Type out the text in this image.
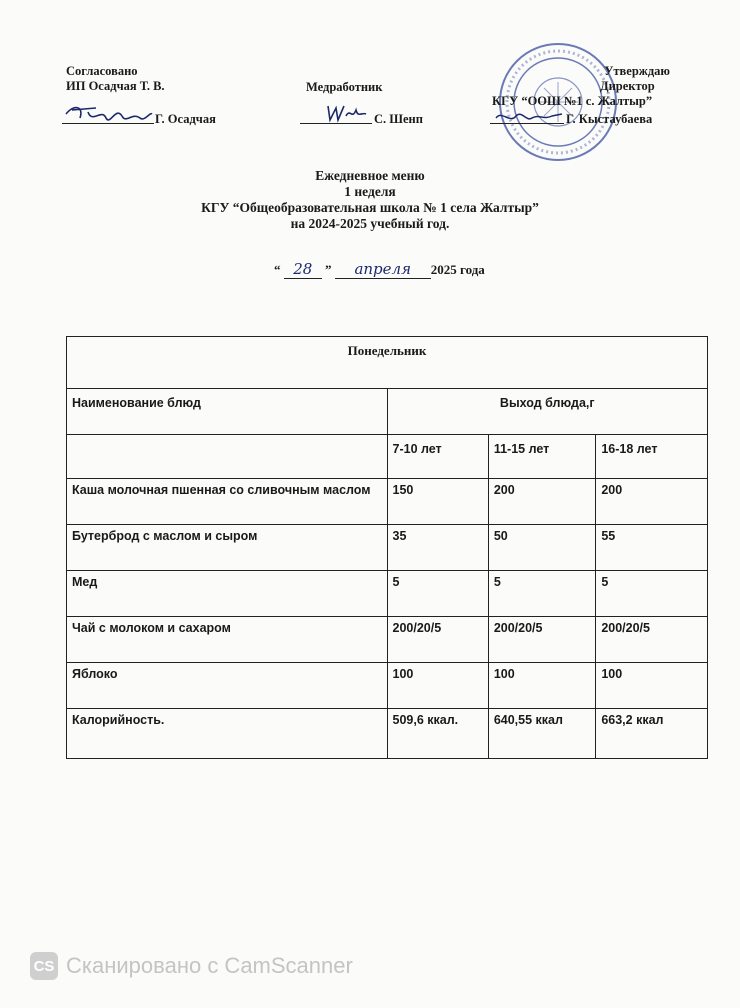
Согласовано
ИП Осадчая Т. В.
Г. Осадчая
Медработник
С. Шенп
Утверждаю
Директор
КГУ “ООШ №1 с. Жалтыр”
Г. Кыстаубаева
Ежедневное меню
1 неделя
КГУ “Общеобразовательная школа № 1 села Жалтыр”
на 2024-2025 учебный год.
“ 28 ” апреля 2025 года
Понедельник			
Наименование блюд	Выход блюда,г		
	7-10 лет	11-15 лет	16-18 лет
Каша молочная пшенная со сливочным маслом	150	200	200
Бутерброд с маслом и сыром	35	50	55
Мед	5	5	5
Чай с молоком и сахаром	200/20/5	200/20/5	200/20/5
Яблоко	100	100	100
Калорийность.	509,6 ккал.	640,55 ккал	663,2 ккал
CS Сканировано с CamScanner
